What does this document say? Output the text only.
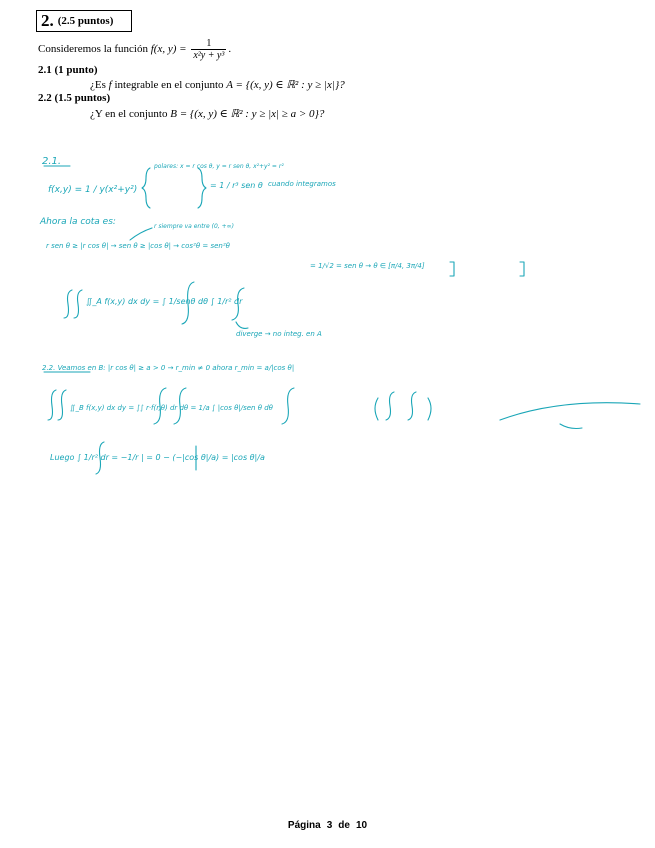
2. (2.5 puntos)
Consideremos la función f(x, $y) = \frac{1}{\text{x²y + y³}}$ .
2.1 (1 punto)
¿Es f integrable en el conjunto A = {(x, y) ∈ ℝ² : y ≥ |x|}?
2.2 (1.5 puntos)
¿Y en el conjunto B = {(x, y) ∈ ℝ² : y ≥ |x| ≥ a > 0}?
2.1.
f(x,y) = 1 / y(x²+y²)
polares: x = r cos θ, y = r sen θ, x²+y² = r²
= 1 / r³ sen θ cuando integramos
Ahora la cota es:	r siempre va entre (0, +∞)
r sen θ ≥ |r cos θ| → sen θ ≥ |cos θ| → cos²θ = sen²θ
= 1/√2 = sen θ → θ ∈ [π/4, 3π/4]
∬_A f(x,y) dx dy = ∫ 1/senθ dθ ∫ 1/r² dr
diverge → no integ. en A
2.2. Veamos en B: |r cos θ| ≥ a > 0 → r_min ≠ 0 ahora r_min = a/|cos θ|
∬_B f(x,y) dx dy = ∫∫ r·f(r,θ) dr dθ = 1/a ∫ |cos θ|/sen θ dθ
Luego ∫ 1/r² dr = −1/r | = 0 − (−|cos θ|/a) = |cos θ|/a
Página 3 de 10
